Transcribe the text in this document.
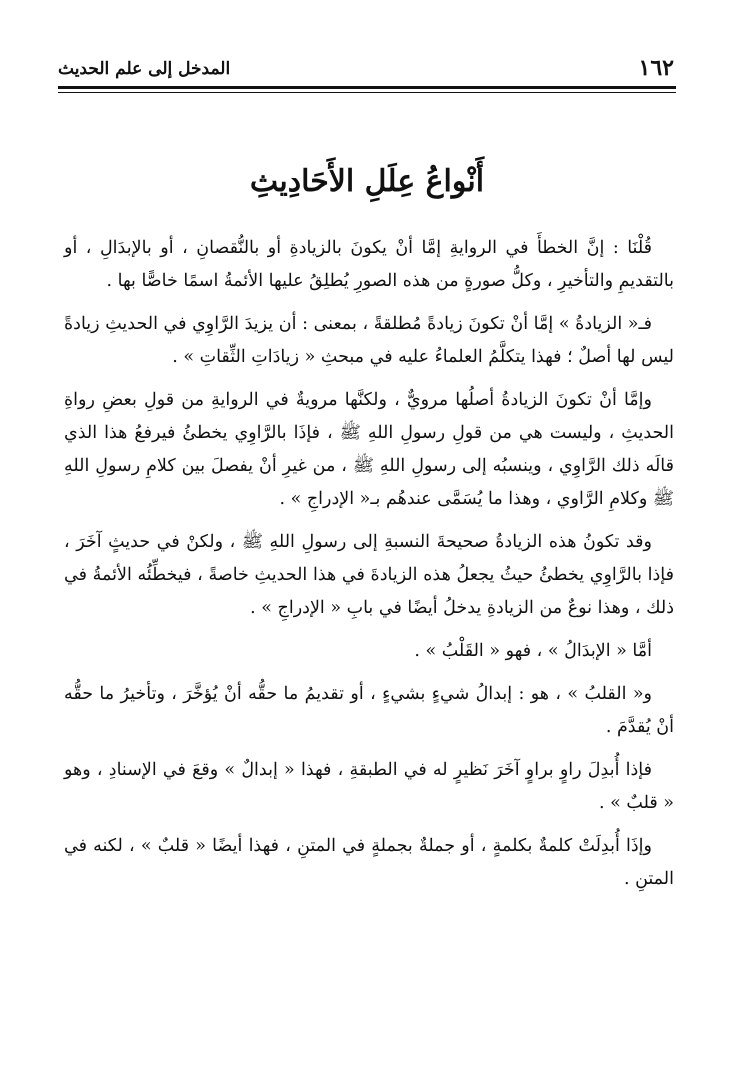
١٦٢
المدخل إلى علم الحديث
أَنْواعُ عِلَلِ الأَحَادِيثِ

قُلْنَا : إنَّ الخطأَ في الروايةِ إمَّا أنْ يكونَ بالزيادةِ أو بالنُّقصانِ ، أو بالإبدَالِ ، أو بالتقديمِ والتأخيرِ ، وكلُّ صورةٍ من هذه الصورِ يُطلِقُ عليها الأئمةُ اسمًا خاصًّا بها .

فـ« الزيادةُ » إمَّا أنْ تكونَ زيادةً مُطلقةً ، بمعنى : أن يزيدَ الرَّاوِي في الحديثِ زيادةً ليس لها أصلٌ ؛ فهذا يتكلَّمُ العلماءُ عليه في مبحثِ « زيادَاتِ الثِّقاتِ » .

وإمَّا أنْ تكونَ الزيادةُ أصلُها مرويٌّ ، ولكنَّها مرويةٌ في الروايةِ من قولِ بعضِ رواةِ الحديثِ ، وليست هي من قولِ رسولِ اللهِ ﷺ ، فإذَا بالرَّاوِي يخطئُ فيرفعُ هذا الذي قالَه ذلك الرَّاوِي ، وينسبُه إلى رسولِ اللهِ ﷺ ، من غيرِ أنْ يفصلَ بين كلامِ رسولِ اللهِ ﷺ وكلامِ الرَّاوي ، وهذا ما يُسَمَّى عندهُم بـ« الإدراجِ » .

وقد تكونُ هذه الزيادةُ صحيحةَ النسبةِ إلى رسولِ اللهِ ﷺ ، ولكنْ في حديثٍ آخَرَ ، فإذا بالرَّاوِي يخطئُ حيثُ يجعلُ هذه الزيادةَ في هذا الحديثِ خاصةً ، فيخطِّئُه الأئمةُ في ذلك ، وهذا نوعٌ من الزيادةِ يدخلُ أيضًا في بابِ « الإدراجِ » .

أمَّا « الإبدَالُ » ، فهو « القَلْبُ » .

و« القلبُ » ، هو : إبدالُ شيءٍ بشيءٍ ، أو تقديمُ ما حقُّه أنْ يُؤخَّرَ ، وتأخيرُ ما حقُّه أنْ يُقدَّمَ .

فإذا أُبدِلَ راوٍ براوٍ آخَرَ نَظيرٍ له في الطبقةِ ، فهذا « إبدالٌ » وقعَ في الإسنادِ ، وهو « قلبٌ » .

وإذَا أُبدِلَتْ كلمةٌ بكلمةٍ ، أو جملةٌ بجملةٍ في المتنِ ، فهذا أيضًا « قلبٌ » ، لكنه في المتنِ .
